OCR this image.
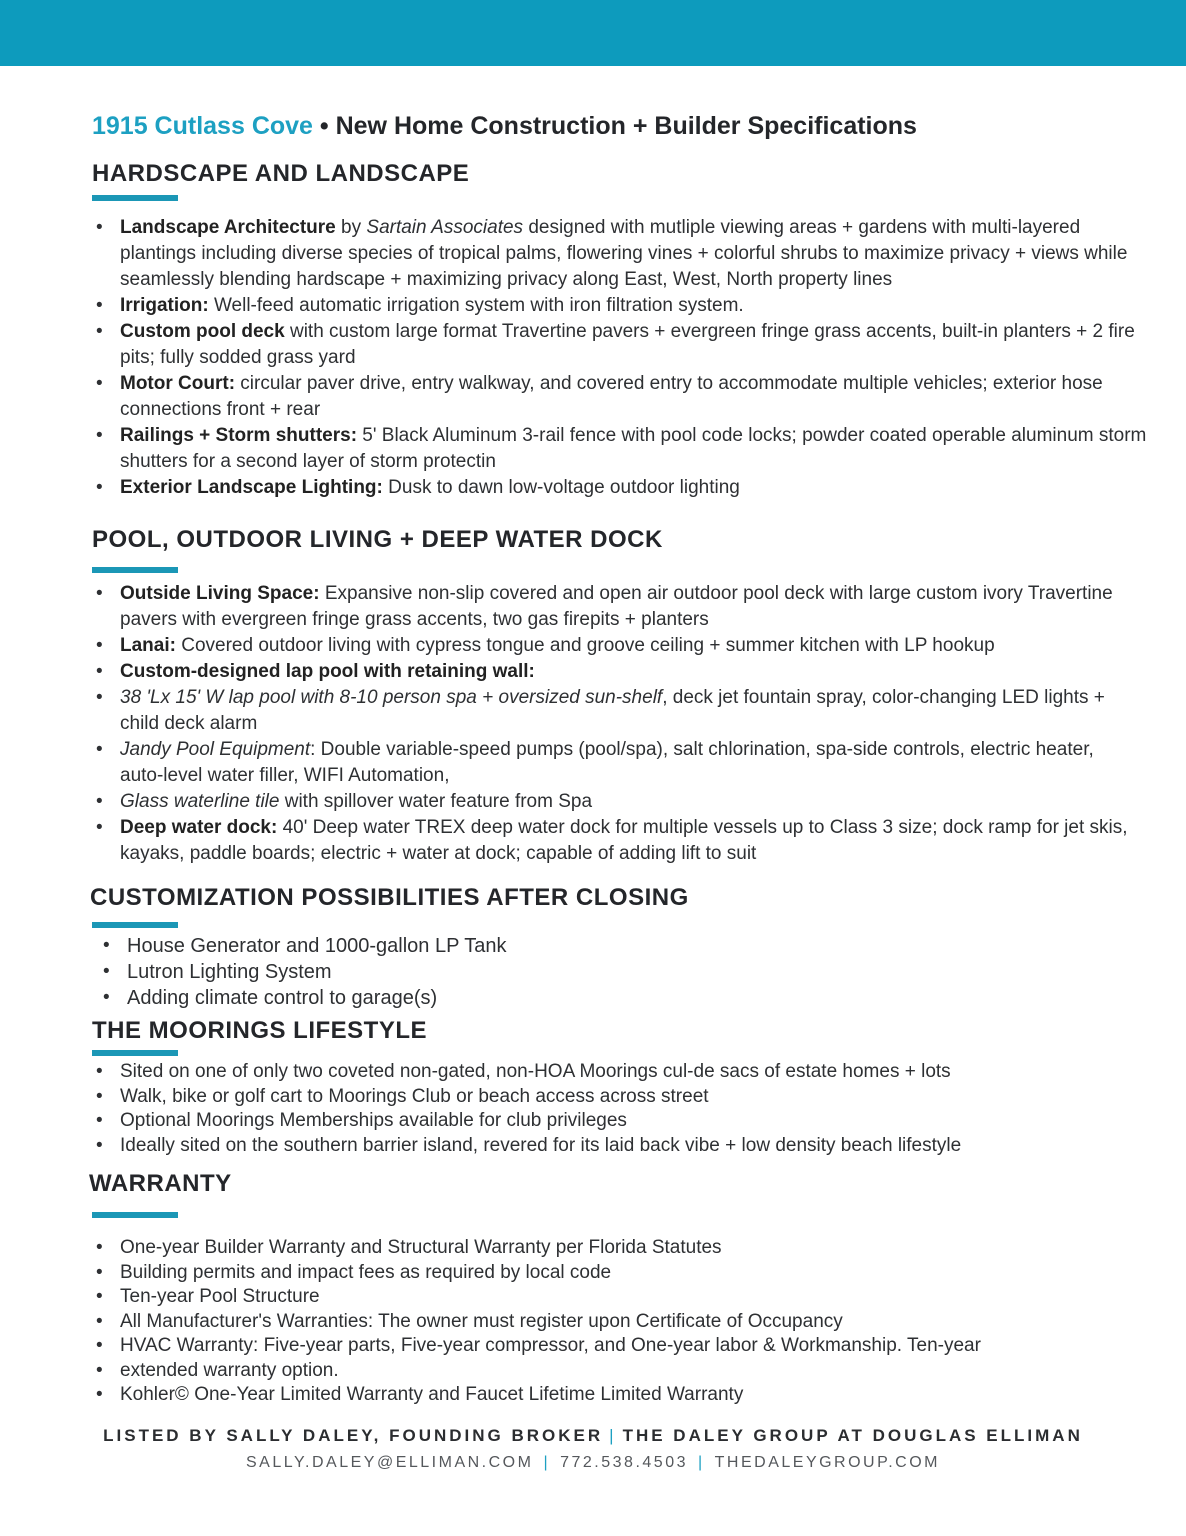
1915 Cutlass Cove • New Home Construction + Builder Specifications
HARDSCAPE AND LANDSCAPE
• Landscape Architecture by Sartain Associates designed with mutliple viewing areas + gardens with multi-layered plantings including diverse species of tropical palms, flowering vines + colorful shrubs to maximize privacy + views while seamlessly blending hardscape + maximizing privacy along East, West, North property lines
• Irrigation: Well-feed automatic irrigation system with iron filtration system.
• Custom pool deck with custom large format Travertine pavers + evergreen fringe grass accents, built-in planters + 2 fire pits; fully sodded grass yard
• Motor Court: circular paver drive, entry walkway, and covered entry to accommodate multiple vehicles; exterior hose connections front + rear
• Railings + Storm shutters: 5' Black Aluminum 3-rail fence with pool code locks; powder coated operable aluminum storm shutters for a second layer of storm protectin
• Exterior Landscape Lighting: Dusk to dawn low-voltage outdoor lighting
POOL, OUTDOOR LIVING + DEEP WATER DOCK
• Outside Living Space: Expansive non-slip covered and open air outdoor pool deck with large custom ivory Travertine pavers with evergreen fringe grass accents, two gas firepits + planters
• Lanai: Covered outdoor living with cypress tongue and groove ceiling + summer kitchen with LP hookup
• Custom-designed lap pool with retaining wall:
• 38 'Lx 15' W lap pool with 8-10 person spa + oversized sun-shelf, deck jet fountain spray, color-changing LED lights + child deck alarm
• Jandy Pool Equipment: Double variable-speed pumps (pool/spa), salt chlorination, spa-side controls, electric heater, auto-level water filler, WIFI Automation,
• Glass waterline tile with spillover water feature from Spa
• Deep water dock: 40' Deep water TREX deep water dock for multiple vessels up to Class 3 size; dock ramp for jet skis, kayaks, paddle boards; electric + water at dock; capable of adding lift to suit
CUSTOMIZATION POSSIBILITIES AFTER CLOSING
• House Generator and 1000-gallon LP Tank
• Lutron Lighting System
• Adding climate control to garage(s)
THE MOORINGS LIFESTYLE
• Sited on one of only two coveted non-gated, non-HOA Moorings cul-de sacs of estate homes + lots
• Walk, bike or golf cart to Moorings Club or beach access across street
• Optional Moorings Memberships available for club privileges
• Ideally sited on the southern barrier island, revered for its laid back vibe + low density beach lifestyle
WARRANTY
• One-year Builder Warranty and Structural Warranty per Florida Statutes
• Building permits and impact fees as required by local code
• Ten-year Pool Structure
• All Manufacturer's Warranties: The owner must register upon Certificate of Occupancy
• HVAC Warranty: Five-year parts, Five-year compressor, and One-year labor & Workmanship. Ten-year
• extended warranty option.
• Kohler© One-Year Limited Warranty and Faucet Lifetime Limited Warranty
LISTED BY SALLY DALEY, FOUNDING BROKER | THE DALEY GROUP AT DOUGLAS ELLIMAN
SALLY.DALEY@ELLIMAN.COM | 772.538.4503 | THEDALEYGROUP.COM
